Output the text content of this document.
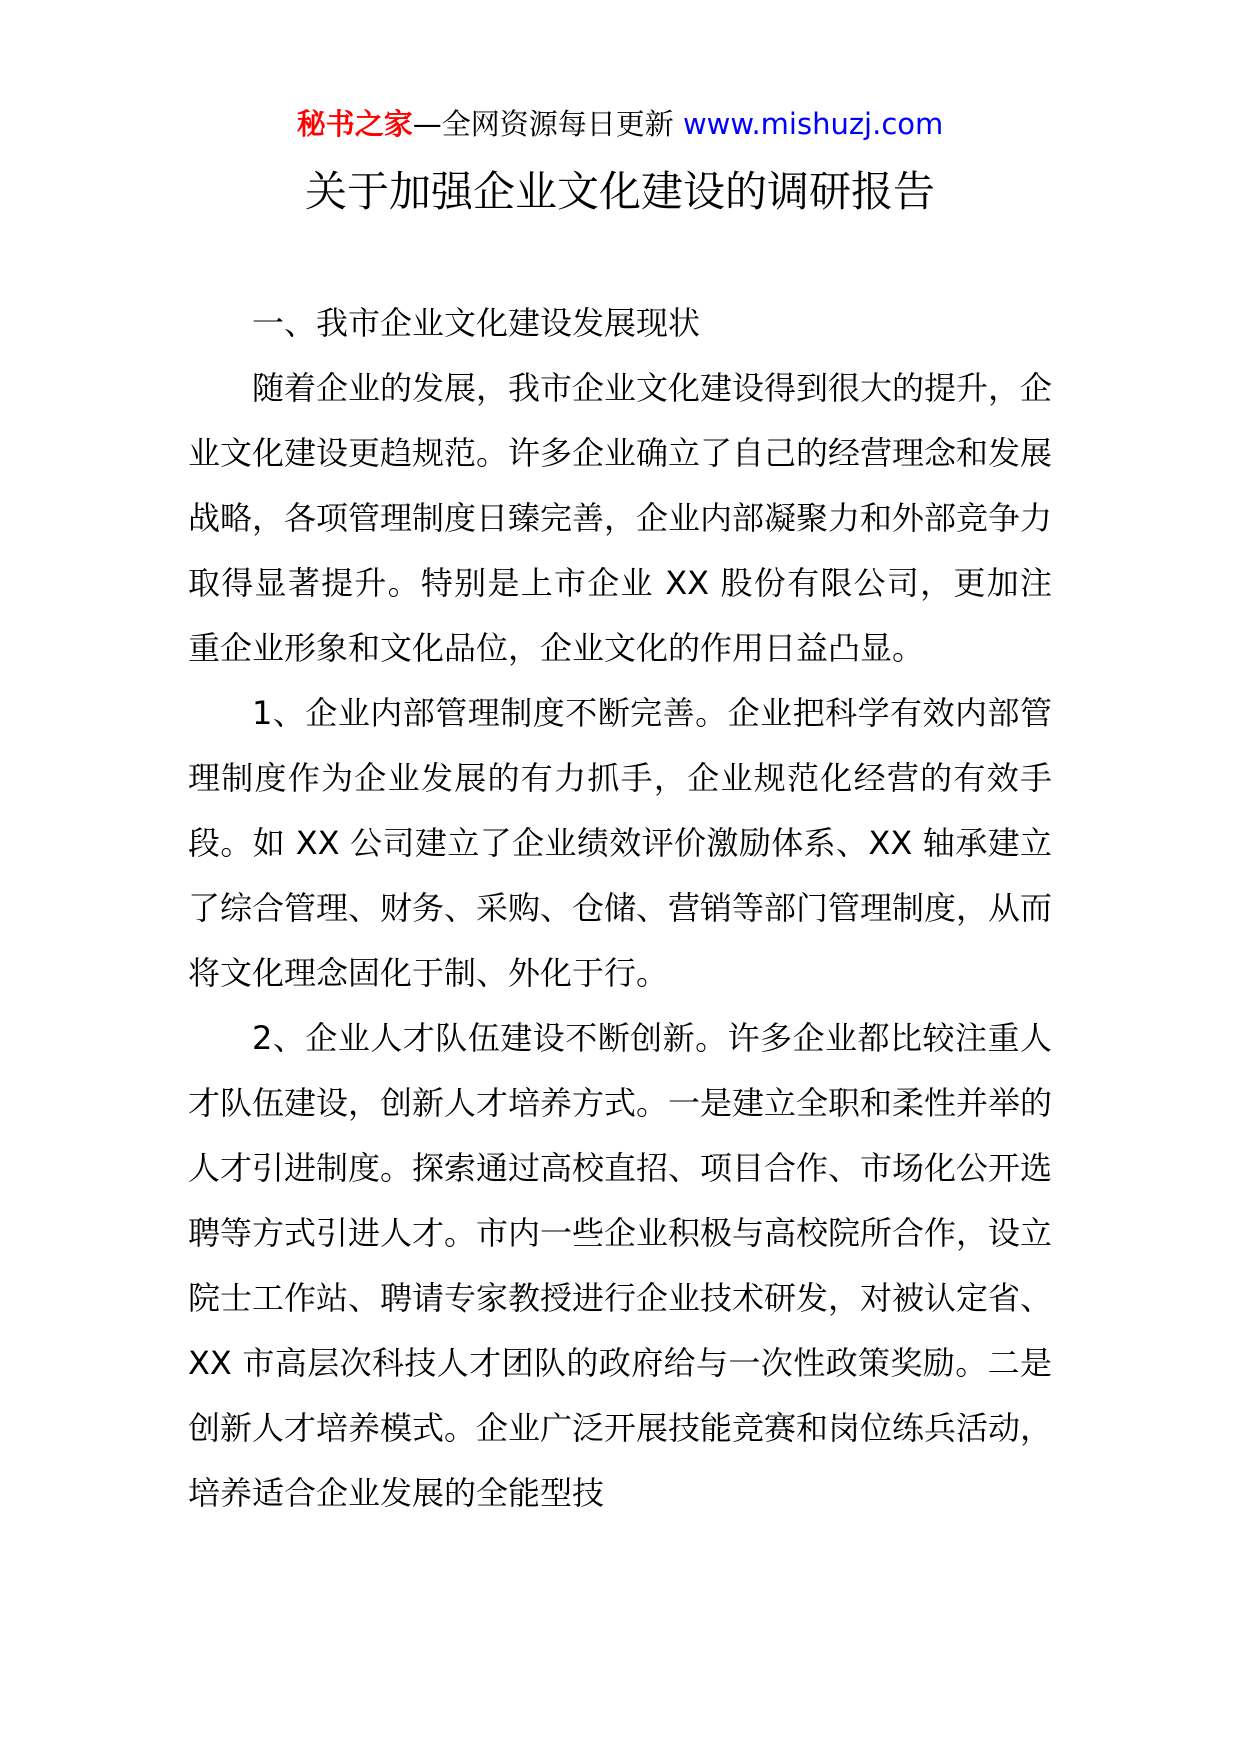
秘书之家—全网资源每日更新 www.mishuzj.com
关于加强企业文化建设的调研报告

一、我市企业文化建设发展现状

随着企业的发展，我市企业文化建设得到很大的提升，企业文化建设更趋规范。许多企业确立了自己的经营理念和发展战略，各项管理制度日臻完善，企业内部凝聚力和外部竞争力取得显著提升。特别是上市企业 XX 股份有限公司，更加注重企业形象和文化品位，企业文化的作用日益凸显。

1、企业内部管理制度不断完善。企业把科学有效内部管理制度作为企业发展的有力抓手，企业规范化经营的有效手段。如 XX 公司建立了企业绩效评价激励体系、XX 轴承建立了综合管理、财务、采购、仓储、营销等部门管理制度，从而将文化理念固化于制、外化于行。

2、企业人才队伍建设不断创新。许多企业都比较注重人才队伍建设，创新人才培养方式。一是建立全职和柔性并举的人才引进制度。探索通过高校直招、项目合作、市场化公开选聘等方式引进人才。市内一些企业积极与高校院所合作，设立院士工作站、聘请专家教授进行企业技术研发，对被认定省、XX 市高层次科技人才团队的政府给与一次性政策奖励。二是创新人才培养模式。企业广泛开展技能竞赛和岗位练兵活动，培养适合企业发展的全能型技
